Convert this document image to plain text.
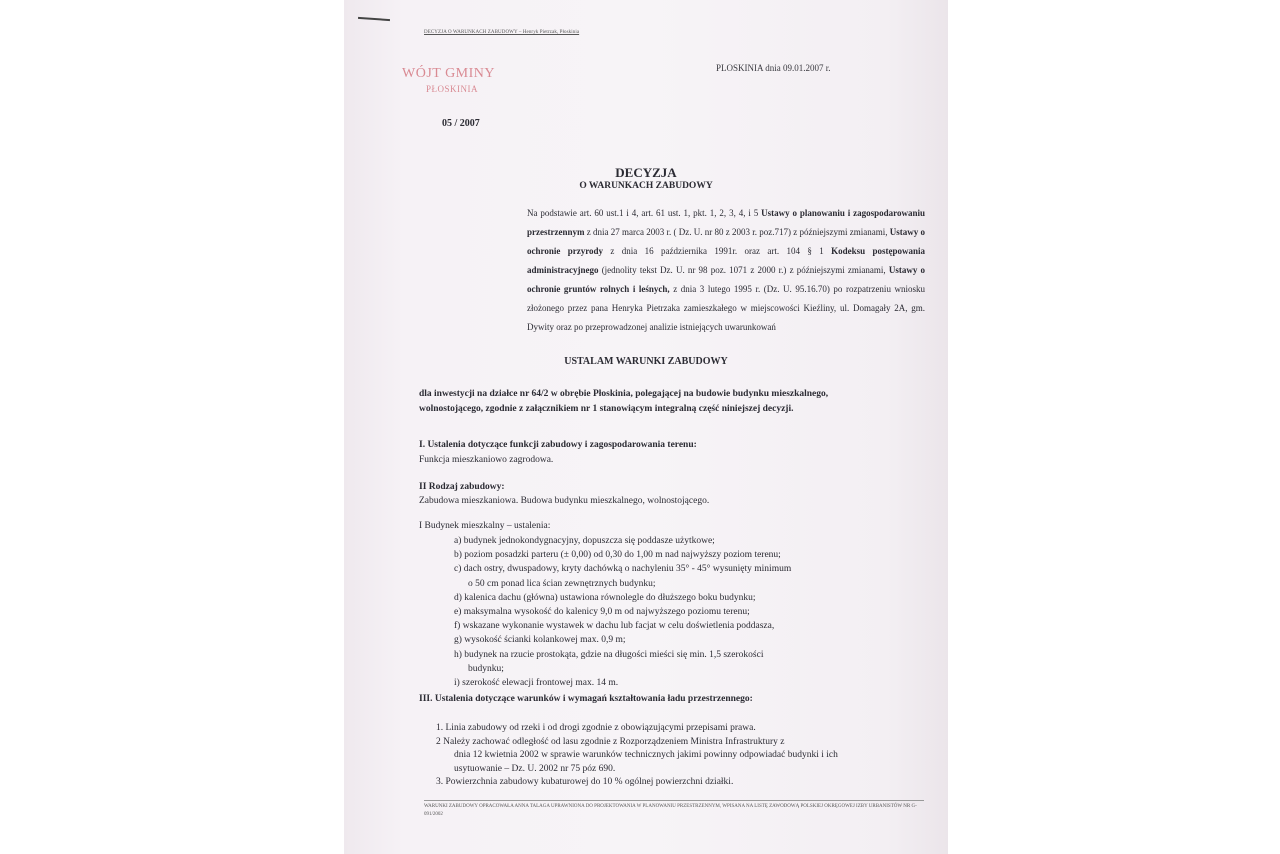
DECYZJA O WARUNKACH ZABUDOWY – Henryk Pietrzak, Płoskinia
WÓJT GMINY
PŁOSKINIA
PLOSKINIA dnia 09.01.2007 r.
05 / 2007
DECYZJA
O WARUNKACH ZABUDOWY

Na podstawie art. 60 ust.1 i 4, art. 61 ust. 1, pkt. 1, 2, 3, 4, i 5 Ustawy o planowaniu i zagospodarowaniu przestrzennym z dnia 27 marca 2003 r. ( Dz. U. nr 80 z 2003 r. poz.717) z późniejszymi zmianami, Ustawy o ochronie przyrody z dnia 16 października 1991r. oraz art. 104 § 1 Kodeksu postępowania administracyjnego (jednolity tekst Dz. U. nr 98 poz. 1071 z 2000 r.) z późniejszymi zmianami, Ustawy o ochronie gruntów rolnych i leśnych, z dnia 3 lutego 1995 r. (Dz. U. 95.16.70) po rozpatrzeniu wniosku złożonego przez pana Henryka Pietrzaka zamieszkałego w miejscowości Kieźliny, ul. Domagały 2A, gm. Dywity oraz po przeprowadzonej analizie istniejących uwarunkowań

USTALAM WARUNKI ZABUDOWY
dla inwestycji na działce nr 64/2 w obrębie Płoskinia, polegającej na budowie budynku mieszkalnego, wolnostojącego, zgodnie z załącznikiem nr 1 stanowiącym integralną część niniejszej decyzji.
I. Ustalenia dotyczące funkcji zabudowy i zagospodarowania terenu:
Funkcja mieszkaniowo zagrodowa.
II Rodzaj zabudowy:
Zabudowa mieszkaniowa. Budowa budynku mieszkalnego, wolnostojącego.
I Budynek mieszkalny – ustalenia:
a) budynek jednokondygnacyjny, dopuszcza się poddasze użytkowe;
b) poziom posadzki parteru (± 0,00) od 0,30 do 1,00 m nad najwyższy poziom terenu;
c) dach ostry, dwuspadowy, kryty dachówką o nachyleniu 35° - 45° wysunięty minimum
o 50 cm ponad lica ścian zewnętrznych budynku;
d) kalenica dachu (główna) ustawiona równolegle do dłuższego boku budynku;
e) maksymalna wysokość do kalenicy 9,0 m od najwyższego poziomu terenu;
f) wskazane wykonanie wystawek w dachu lub facjat w celu doświetlenia poddasza,
g) wysokość ścianki kolankowej max. 0,9 m;
h) budynek na rzucie prostokąta, gdzie na długości mieści się min. 1,5 szerokości
budynku;
i) szerokość elewacji frontowej max. 14 m.
III. Ustalenia dotyczące warunków i wymagań kształtowania ładu przestrzennego:
1. Linia zabudowy od rzeki i od drogi zgodnie z obowiązującymi przepisami prawa.
2 Należy zachować odległość od lasu zgodnie z Rozporządzeniem Ministra Infrastruktury z
dnia 12 kwietnia 2002 w sprawie warunków technicznych jakimi powinny odpowiadać budynki i ich
usytuowanie – Dz. U. 2002 nr 75 póz 690.
3. Powierzchnia zabudowy kubaturowej do 10 % ogólnej powierzchni działki.
WARUNKI ZABUDOWY OPRACOWAŁA ANNA TALAGA UPRAWNIONA DO PROJEKTOWANIA W PLANOWANIU PRZESTRZENNYM, WPISANA NA LISTĘ ZAWODOWĄ POLSKIEJ OKRĘGOWEJ IZBY URBANISTÓW NR G-091/2002
